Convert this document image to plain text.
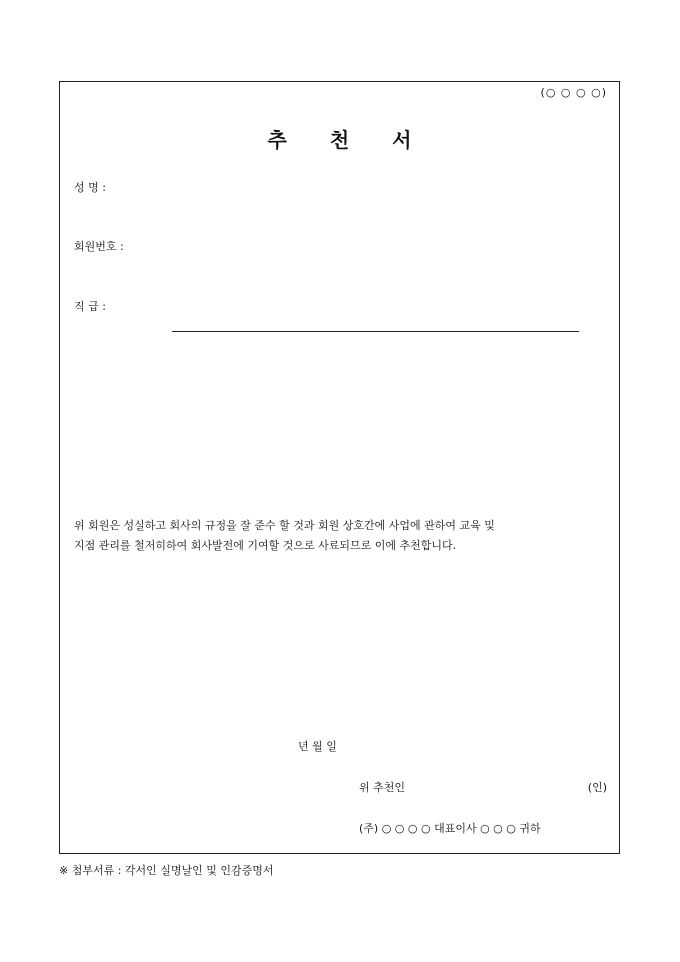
(○ ○ ○ ○)
추 천 서
성 명 :
회원번호 :
직 급 :
위 회원은 성실하고 회사의 규정을 잘 준수 할 것과 회원 상호간에 사업에 관하여 교육 및
지점 관리를 철저히하여 회사발전에 기여할 것으로 사료되므로 이에 추천합니다.
년 월 일
위 추천인	(인)
(주) ○ ○ ○ ○ 대표이사 ○ ○ ○ 귀하
※ 첨부서류 : 각서인 실명날인 및 인감증명서
